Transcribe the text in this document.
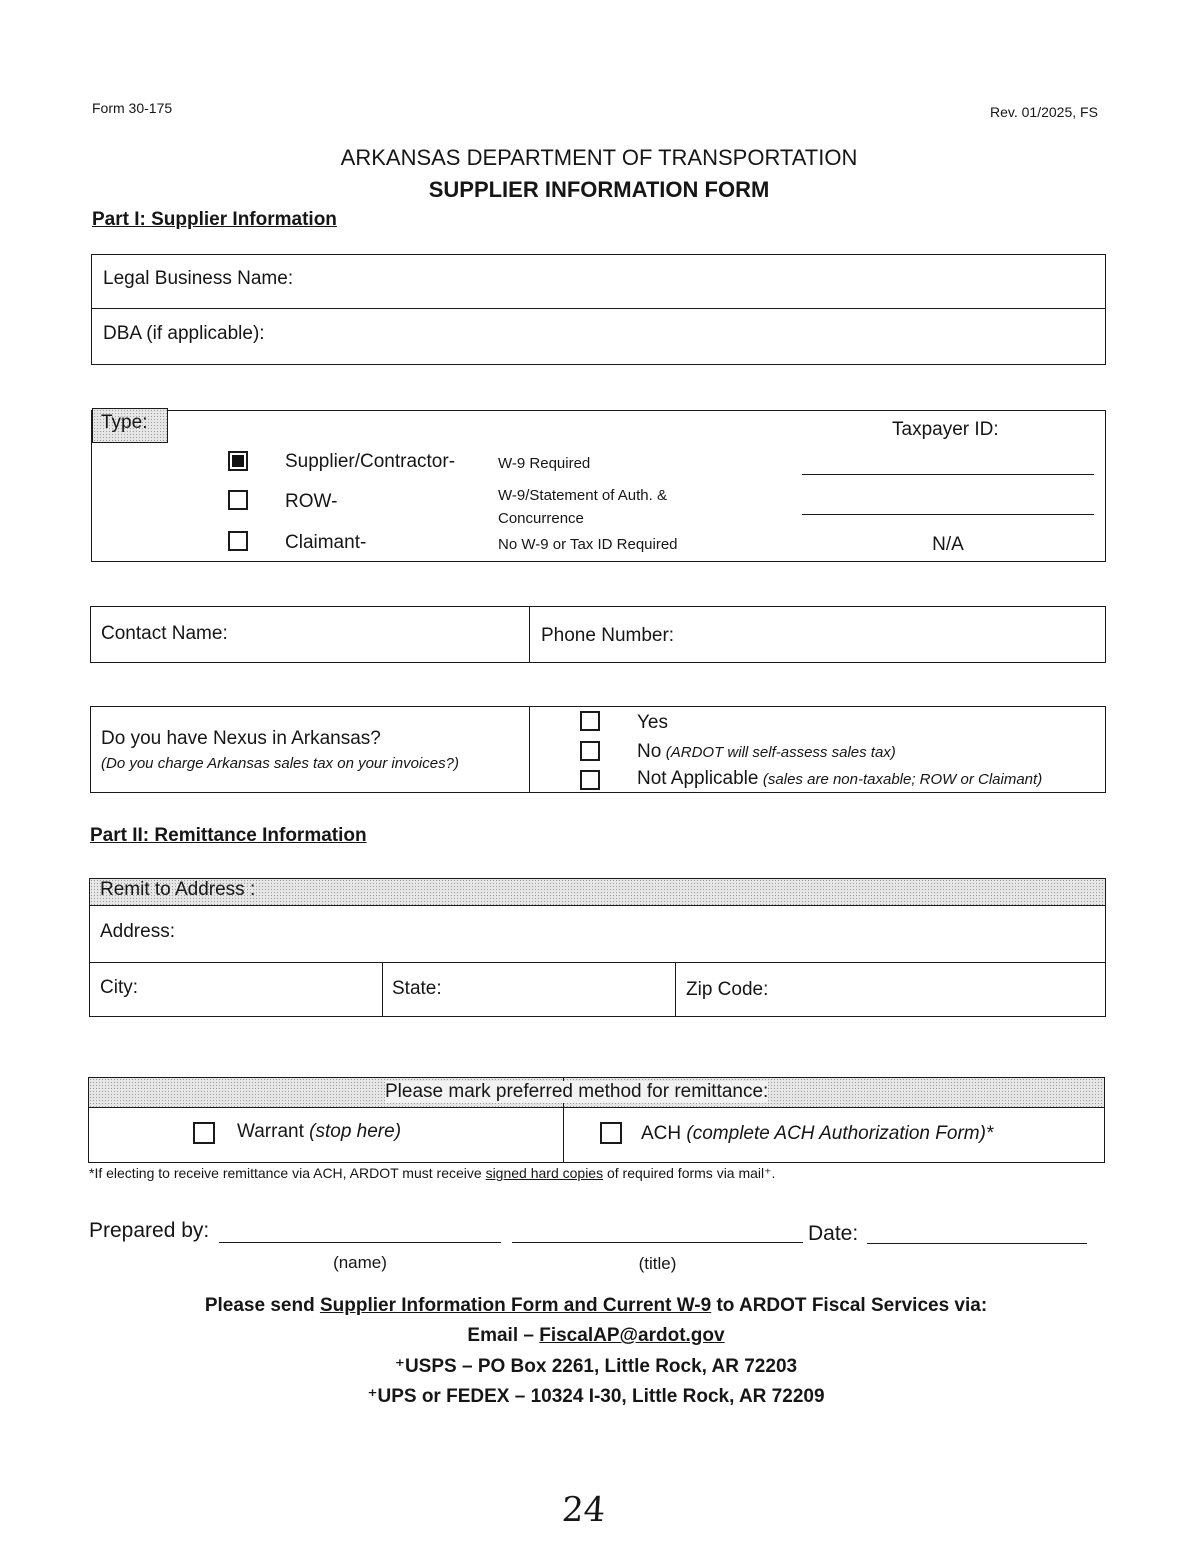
Form 30-175	Rev. 01/2025, FS
ARKANSAS DEPARTMENT OF TRANSPORTATION
SUPPLIER INFORMATION FORM
Part I: Supplier Information
Legal Business Name:
DBA (if applicable):
Type:	Taxpayer ID:
Supplier/Contractor-	W-9 Required
ROW-	W-9/Statement of Auth. & Concurrence
Claimant-	No W-9 or Tax ID Required	N/A
Contact Name:	Phone Number:
Do you have Nexus in Arkansas?
(Do you charge Arkansas sales tax on your invoices?)
Yes
No (ARDOT will self-assess sales tax)
Not Applicable (sales are non-taxable; ROW or Claimant)
Part II: Remittance Information
Remit to Address :
Address:
City:	State:	Zip Code:
Please mark preferred method for remittance:
Warrant (stop here)	ACH (complete ACH Authorization Form)*
*If electing to receive remittance via ACH, ARDOT must receive signed hard copies of required forms via mail⁺.
Prepared by:	Date:
(name)	(title)
Please send Supplier Information Form and Current W-9 to ARDOT Fiscal Services via:
Email – FiscalAP@ardot.gov
⁺USPS – PO Box 2261, Little Rock, AR 72203
⁺UPS or FEDEX – 10324 I-30, Little Rock, AR 72209
24
